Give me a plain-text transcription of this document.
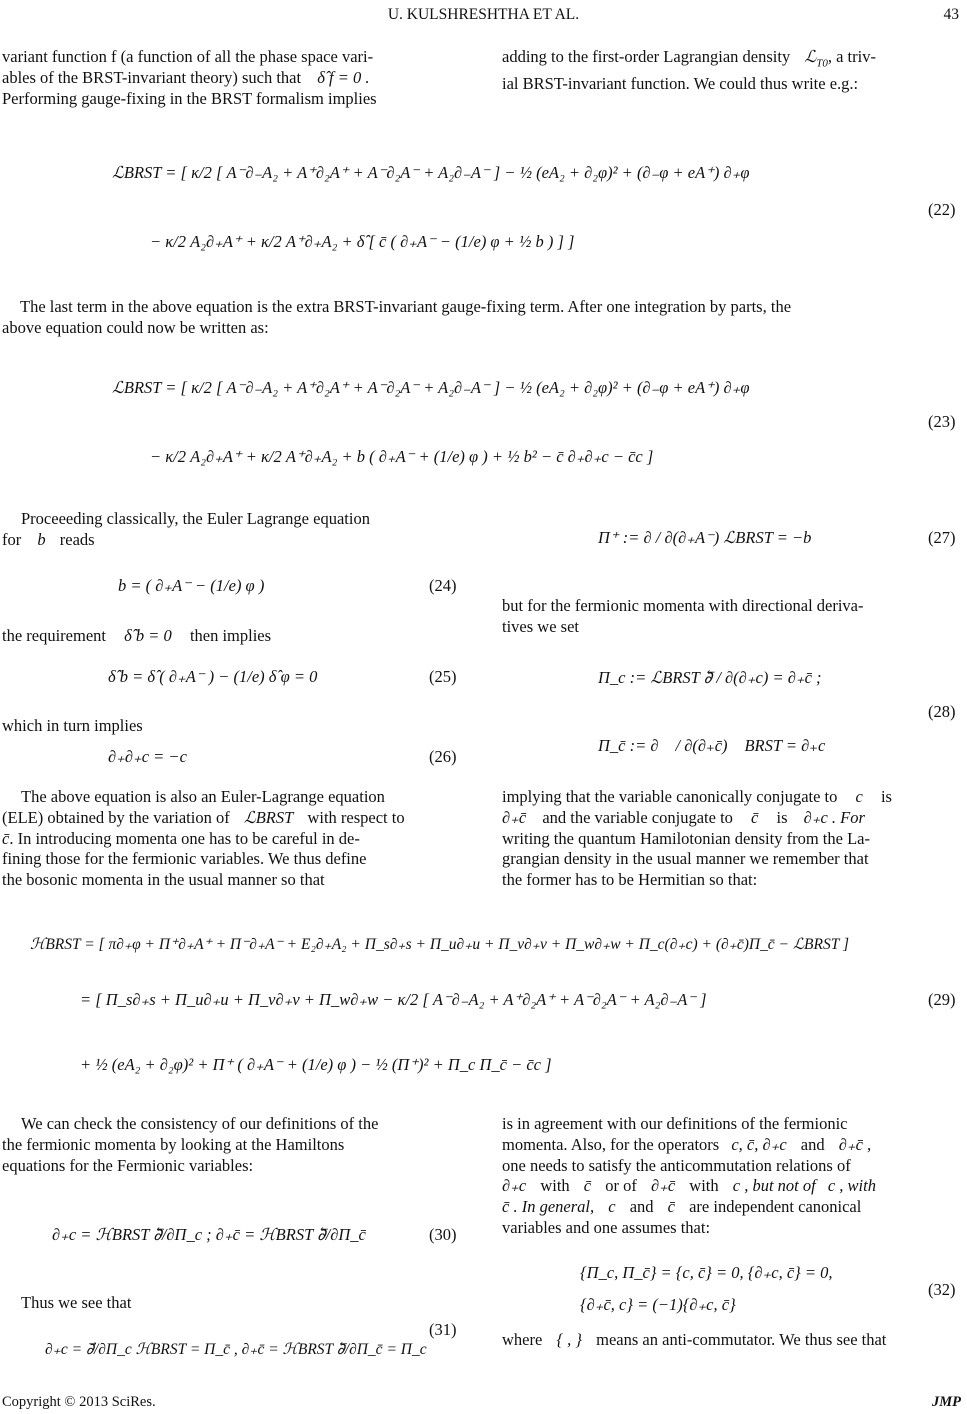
U. KULSHRESHTHA ET AL.	43

variant function f (a function of all the phase space vari-

ables of the BRST-invariant theory) such that δ̂ f = 0 .

Performing gauge-fixing in the BRST formalism implies

adding to the first-order Lagrangian density ℒ$_{T0}$, a triv-

ial BRST-invariant function. We could thus write e.g.:

ℒBRST = [ κ/2 [ A⁻∂₋A₂ + A⁺∂₂A⁺ + A⁻∂₂A⁻ + A₂∂₋A⁻ ] − ½ (eA₂ + ∂₂φ)² + (∂₋φ + eA⁺) ∂₊φ
− κ/2 A₂∂₊A⁺ + κ/2 A⁺∂₊A₂ + δ̂ [ c̄ ( ∂₊A⁻ − (1/e) φ + ½ b ) ] ]
(22)

The last term in the above equation is the extra BRST-invariant gauge-fixing term. After one integration by parts, the

above equation could now be written as:

ℒBRST = [ κ/2 [ A⁻∂₋A₂ + A⁺∂₂A⁺ + A⁻∂₂A⁻ + A₂∂₋A⁻ ] − ½ (eA₂ + ∂₂φ)² + (∂₋φ + eA⁺) ∂₊φ
− κ/2 A₂∂₊A⁺ + κ/2 A⁺∂₊A₂ + b ( ∂₊A⁻ + (1/e) φ ) + ½ b² − c̄ ∂₊∂₊c − c̄c ]
(23)

Proceeeding classically, the Euler Lagrange equation

for b reads

b = ( ∂₊A⁻ − (1/e) φ )	(24)

the requirement δ̂ b = 0 then implies

δ̂ b = δ̂ ( ∂₊A⁻ ) − (1/e) δ̂ φ = 0	(25)

which in turn implies

∂₊∂₊c = −c	(26)

The above equation is also an Euler-Lagrange equation

(ELE) obtained by the variation of ℒBRST with respect to

c̄. In introducing momenta one has to be careful in de-

fining those for the fermionic variables. We thus define

the bosonic momenta in the usual manner so that

Π⁺ := ∂ / ∂(∂₊A⁻) ℒBRST = −b	(27)

but for the fermionic momenta with directional deriva-

tives we set

Π_c := ℒBRST ∂⃖ / ∂(∂₊c) = ∂₊c̄ ;
Π_c̄ := ∂⃗ / ∂(∂₊c̄) ℒBRST = ∂₊c
(28)

implying that the variable canonically conjugate to c is

∂₊c̄ and the variable conjugate to c̄ is ∂₊c . For

writing the quantum Hamilotonian density from the La-

grangian density in the usual manner we remember that

the former has to be Hermitian so that:

ℋBRST = [ π∂₊φ + Π⁺∂₊A⁺ + Π⁻∂₊A⁻ + E₂∂₊A₂ + Π_s∂₊s + Π_u∂₊u + Π_v∂₊v + Π_w∂₊w + Π_c(∂₊c) + (∂₊c̄)Π_c̄ − ℒBRST ]
= [ Π_s∂₊s + Π_u∂₊u + Π_v∂₊v + Π_w∂₊w − κ/2 [ A⁻∂₋A₂ + A⁺∂₂A⁺ + A⁻∂₂A⁻ + A₂∂₋A⁻ ]
+ ½ (eA₂ + ∂₂φ)² + Π⁺ ( ∂₊A⁻ + (1/e) φ ) − ½ (Π⁺)² + Π_c Π_c̄ − c̄c ]
(29)

We can check the consistency of our definitions of the

the fermionic momenta by looking at the Hamiltons

equations for the Fermionic variables:

∂₊c = ℋBRST ∂⃖/∂Π_c ; ∂₊c̄ = ℋBRST ∂⃖/∂Π_c̄	(30)

Thus we see that

∂₊c = ∂⃗/∂Π_c ℋBRST = Π_c̄ , ∂₊c̄ = ℋBRST ∂⃖/∂Π_c̄ = Π_c
(31)

is in agreement with our definitions of the fermionic

momenta. Also, for the operators c, c̄, ∂₊c and ∂₊c̄ ,

one needs to satisfy the anticommutation relations of

∂₊c with c̄ or of ∂₊c̄ with c , but not of c , with

c̄ . In general, c and c̄ are independent canonical

variables and one assumes that:

{Π_c, Π_c̄} = {c, c̄} = 0, {∂₊c, c̄} = 0,
{∂₊c̄, c} = (−1){∂₊c, c̄}
(32)

where { , } means an anti-commutator. We thus see that

Copyright © 2013 SciRes.	JMP
